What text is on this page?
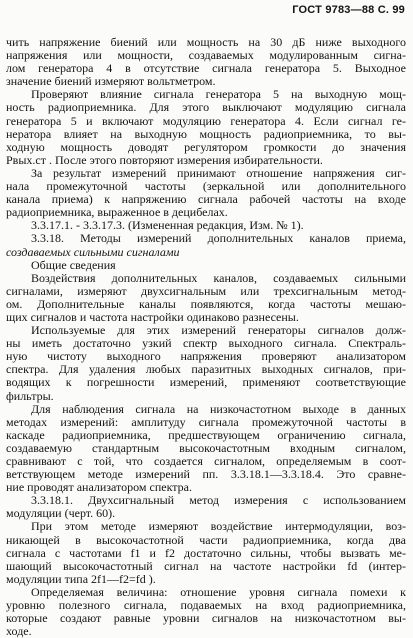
ГОСТ 9783—88 С. 99
чить напряжение биений или мощность на 30 дБ ниже выходного
напряжения или мощности, создаваемых модулированным сигна-
лом генератора 4 в отсутствие сигнала генератора 5. Выходное
значение биений измеряют вольтметром.
Проверяют влияние сигнала генератора 5 на выходную мощ-
ность радиоприемника. Для этого выключают модуляцию сигнала
генератора 5 и включают модуляцию генератора 4. Если сигнал ге-
нератора влияет на выходную мощность радиоприемника, то вы-
ходную мощность доводят регулятором громкости до значения
Pвых.ст . После этого повторяют измерения избирательности.
За результат измерений принимают отношение напряжения сиг-
нала промежуточной частоты (зеркальной или дополнительного
канала приема) к напряжению сигнала рабочей частоты на входе
радиоприемника, выраженное в децибелах.
3.3.17.1. - 3.3.17.3. (Измененная редакция, Изм. № 1).
3.3.18. Методы измерений дополнительных каналов приема,
создаваемых сильными сигналами
Общие сведения
Воздействия дополнительных каналов, создаваемых сильными
сигналами, измеряют двухсигнальным или трехсигнальным метод-
ом. Дополнительные каналы появляются, когда частоты мешаю-
щих сигналов и частота настройки одинаково разнесены.
Используемые для этих измерений генераторы сигналов долж-
ны иметь достаточно узкий спектр выходного сигнала. Спектраль-
ную чистоту выходного напряжения проверяют анализатором
спектра. Для удаления любых паразитных выходных сигналов, при-
водящих к погрешности измерений, применяют соответствующие
фильтры.
Для наблюдения сигнала на низкочастотном выходе в данных
методах измерений: амплитуду сигнала промежуточной частоты в
каскаде радиоприемника, предшествующем ограничению сигнала,
создаваемую стандартным высокочастотным входным сигналом,
сравнивают с той, что создается сигналом, определяемым в соот-
ветствующем методе измерений пп. 3.3.18.1—3.3.18.4. Это сравне-
ние проводят анализатором спектра.
3.3.18.1. Двухсигнальный метод измерения с использованием
модуляции (черт. 60).
При этом методе измеряют воздействие интермодуляции, воз-
никающей в высокочастотной части радиоприемника, когда два
сигнала с частотами f1 и f2 достаточно сильны, чтобы вызвать ме-
шающий высокочастотный сигнал на частоте настройки fd (интер-
модуляции типа 2f1—f2=fd ).
Определяемая величина: отношение уровня сигнала помехи к
уровню полезного сигнала, подаваемых на вход радиоприемника,
которые создают равные уровни сигналов на низкочастотном вы-
ходе.
